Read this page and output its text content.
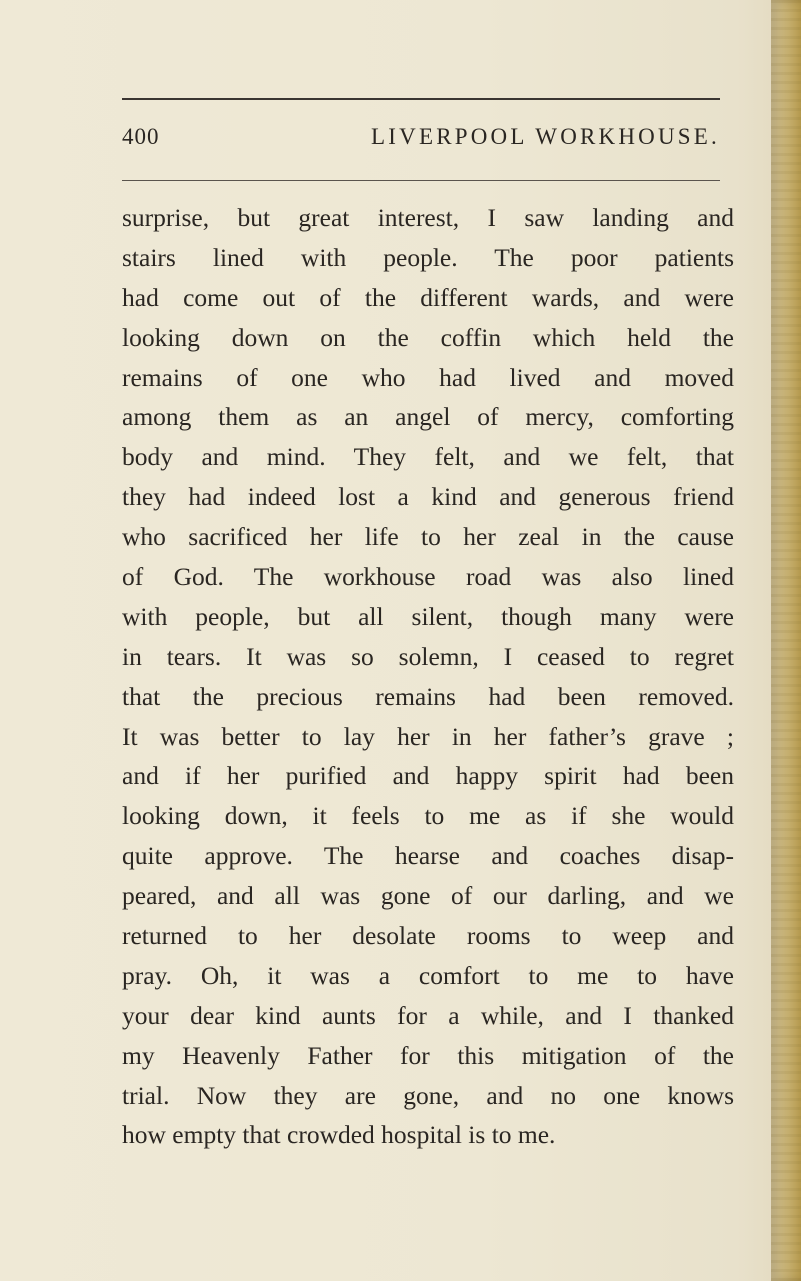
400	LIVERPOOL WORKHOUSE.
surprise, but great interest, I saw landing and
stairs lined with people. The poor patients
had come out of the different wards, and were
looking down on the coffin which held the
remains of one who had lived and moved
among them as an angel of mercy, comforting
body and mind. They felt, and we felt, that
they had indeed lost a kind and generous friend
who sacrificed her life to her zeal in the cause
of God. The workhouse road was also lined
with people, but all silent, though many were
in tears. It was so solemn, I ceased to regret
that the precious remains had been removed.
It was better to lay her in her father’s grave ;
and if her purified and happy spirit had been
looking down, it feels to me as if she would
quite approve. The hearse and coaches disap-
peared, and all was gone of our darling, and we
returned to her desolate rooms to weep and
pray. Oh, it was a comfort to me to have
your dear kind aunts for a while, and I thanked
my Heavenly Father for this mitigation of the
trial. Now they are gone, and no one knows
how empty that crowded hospital is to me.
